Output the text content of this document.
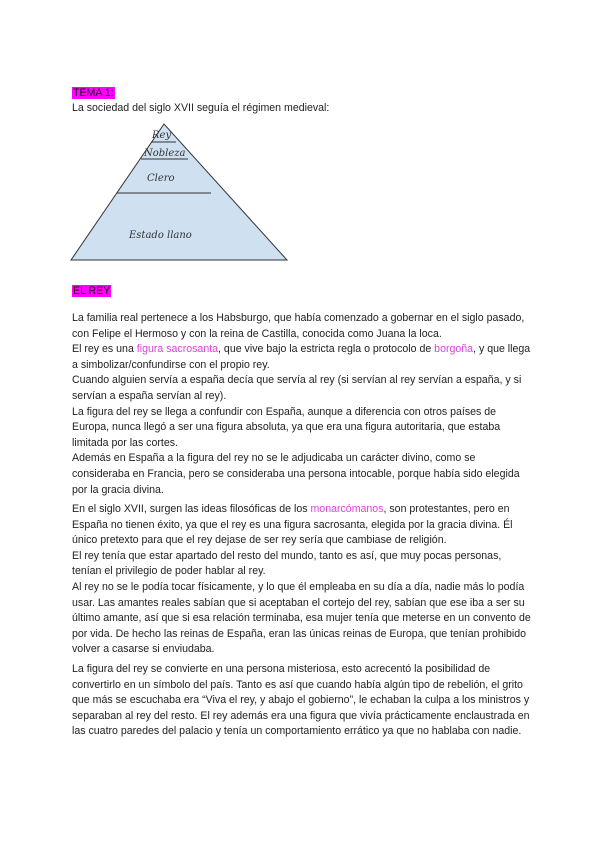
TEMA 1:
La sociedad del siglo XVII seguía el régimen medieval:
Rey
Nobleza
Clero
Estado llano
EL REY

La familia real pertenece a los Habsburgo, que había comenzado a gobernar en el siglo pasado, con Felipe el Hermoso y con la reina de Castilla, conocida como Juana la loca.

El rey es una figura sacrosanta, que vive bajo la estricta regla o protocolo de borgoña, y que llega a simbolizar/confundirse con el propio rey.

Cuando alguien servía a españa decía que servía al rey (si servían al rey servían a españa, y si servían a españa servían al rey).

La figura del rey se llega a confundir con España, aunque a diferencia con otros países de Europa, nunca llegó a ser una figura absoluta, ya que era una figura autoritaria, que estaba limitada por las cortes.

Además en España a la figura del rey no se le adjudicaba un carácter divino, como se consideraba en Francia, pero se consideraba una persona intocable, porque había sido elegida por la gracia divina.

En el siglo XVII, surgen las ideas filosóficas de los monarcómanos, son protestantes, pero en España no tienen éxito, ya que el rey es una figura sacrosanta, elegida por la gracia divina. Él único pretexto para que el rey dejase de ser rey sería que cambiase de religión.

El rey tenía que estar apartado del resto del mundo, tanto es así, que muy pocas personas, tenían el privilegio de poder hablar al rey.

Al rey no se le podía tocar físicamente, y lo que él empleaba en su día a día, nadie más lo podía usar. Las amantes reales sabían que si aceptaban el cortejo del rey, sabían que ese iba a ser su último amante, así que si esa relación terminaba, esa mujer tenía que meterse en un convento de por vida. De hecho las reinas de España, eran las únicas reinas de Europa, que tenían prohibido volver a casarse si enviudaba.

La figura del rey se convierte en una persona misteriosa, esto acrecentó la posibilidad de convertirlo en un símbolo del país. Tanto es así que cuando había algún tipo de rebelión, el grito que más se escuchaba era “Viva el rey, y abajo el gobierno”, le echaban la culpa a los ministros y separaban al rey del resto. El rey además era una figura que vivía prácticamente enclaustrada en las cuatro paredes del palacio y tenía un comportamiento errático ya que no hablaba con nadie.
